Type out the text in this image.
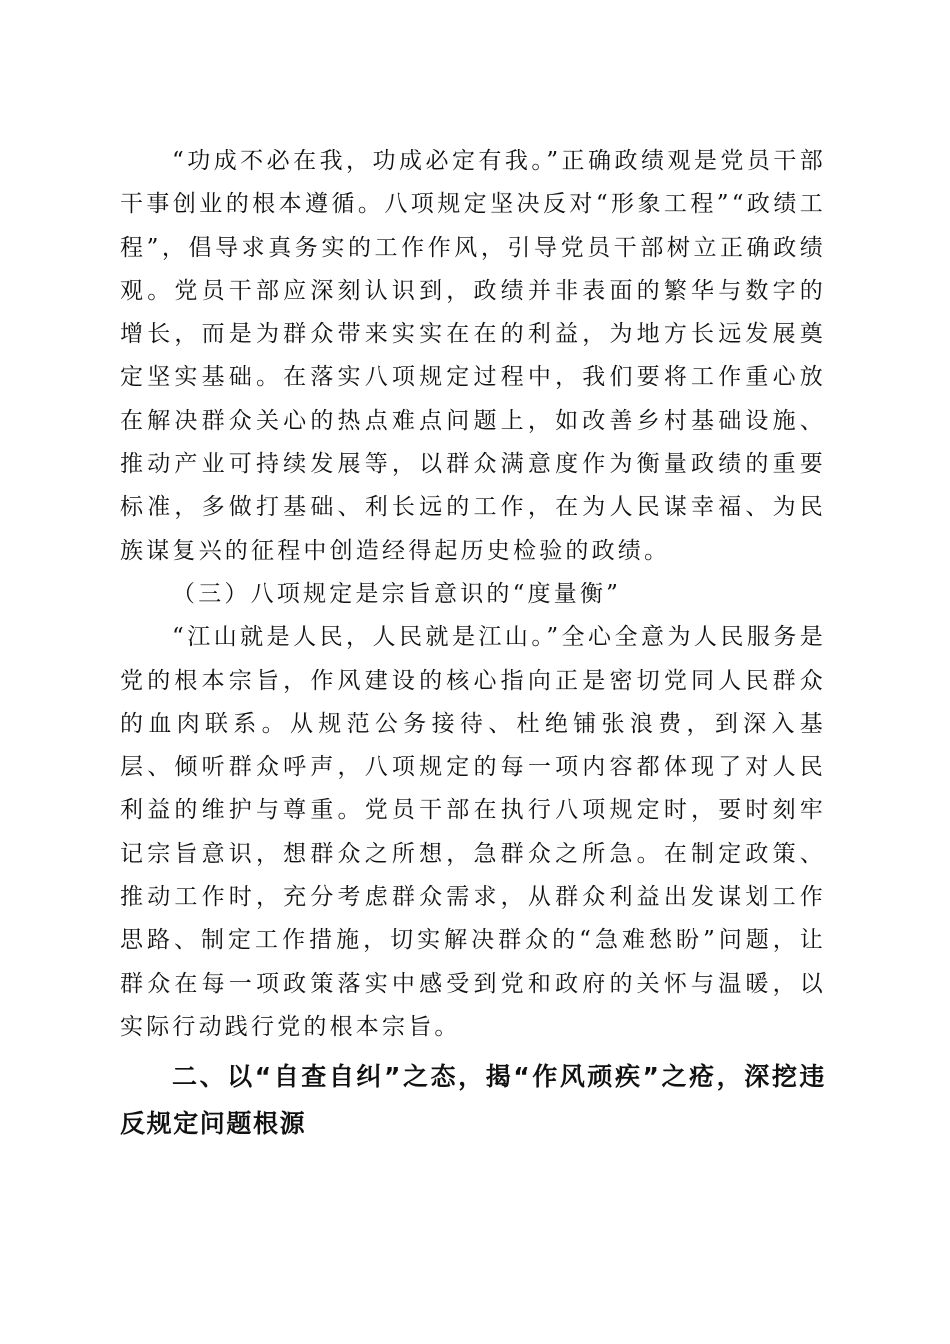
“功成不必在我，功成必定有我。”正确政绩观是党员干部干事创业的根本遵循。八项规定坚决反对“形象工程”“政绩工程”，倡导求真务实的工作作风，引导党员干部树立正确政绩观。党员干部应深刻认识到，政绩并非表面的繁华与数字的增长，而是为群众带来实实在在的利益，为地方长远发展奠定坚实基础。在落实八项规定过程中，我们要将工作重心放在解决群众关心的热点难点问题上，如改善乡村基础设施、推动产业可持续发展等，以群众满意度作为衡量政绩的重要标准，多做打基础、利长远的工作，在为人民谋幸福、为民族谋复兴的征程中创造经得起历史检验的政绩。

（三）八项规定是宗旨意识的“度量衡”

“江山就是人民，人民就是江山。”全心全意为人民服务是党的根本宗旨，作风建设的核心指向正是密切党同人民群众的血肉联系。从规范公务接待、杜绝铺张浪费，到深入基层、倾听群众呼声，八项规定的每一项内容都体现了对人民利益的维护与尊重。党员干部在执行八项规定时，要时刻牢记宗旨意识，想群众之所想，急群众之所急。在制定政策、推动工作时，充分考虑群众需求，从群众利益出发谋划工作思路、制定工作措施，切实解决群众的“急难愁盼”问题，让群众在每一项政策落实中感受到党和政府的关怀与温暖，以实际行动践行党的根本宗旨。

二、以“自查自纠”之态，揭“作风顽疾”之疮，深挖违反规定问题根源
